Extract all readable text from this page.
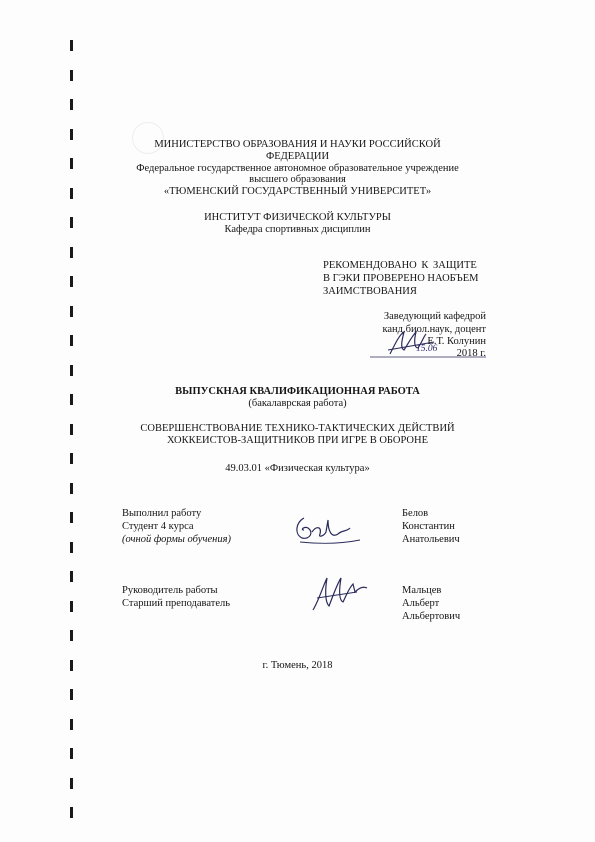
МИНИСТЕРСТВО ОБРАЗОВАНИЯ И НАУКИ РОССИЙСКОЙ
ФЕДЕРАЦИИ
Федеральное государственное автономное образовательное учреждение
высшего образования
«ТЮМЕНСКИЙ ГОСУДАРСТВЕННЫЙ УНИВЕРСИТЕТ»
ИНСТИТУТ ФИЗИЧЕСКОЙ КУЛЬТУРЫ
Кафедра спортивных дисциплин
РЕКОМЕНДОВАНО К ЗАЩИТЕ
В ГЭКИ ПРОВЕРЕНО НАОБЪЕМ
ЗАИМСТВОВАНИЯ
Заведующий кафедрой
канд.биол.наук, доцент
Е.Т. Колунин
2018 г.
15.06
ВЫПУСКНАЯ КВАЛИФИКАЦИОННАЯ РАБОТА
(бакалаврская работа)
СОВЕРШЕНСТВОВАНИЕ ТЕХНИКО-ТАКТИЧЕСКИХ ДЕЙСТВИЙ
ХОККЕИСТОВ-ЗАЩИТНИКОВ ПРИ ИГРЕ В ОБОРОНЕ
49.03.01 «Физическая культура»
Выполнил работу
Студент 4 курса
(очной формы обучения)
Белов
Константин
Анатольевич
Руководитель работы
Старший преподаватель
Мальцев
Альберт
Альбертович
г. Тюмень, 2018
